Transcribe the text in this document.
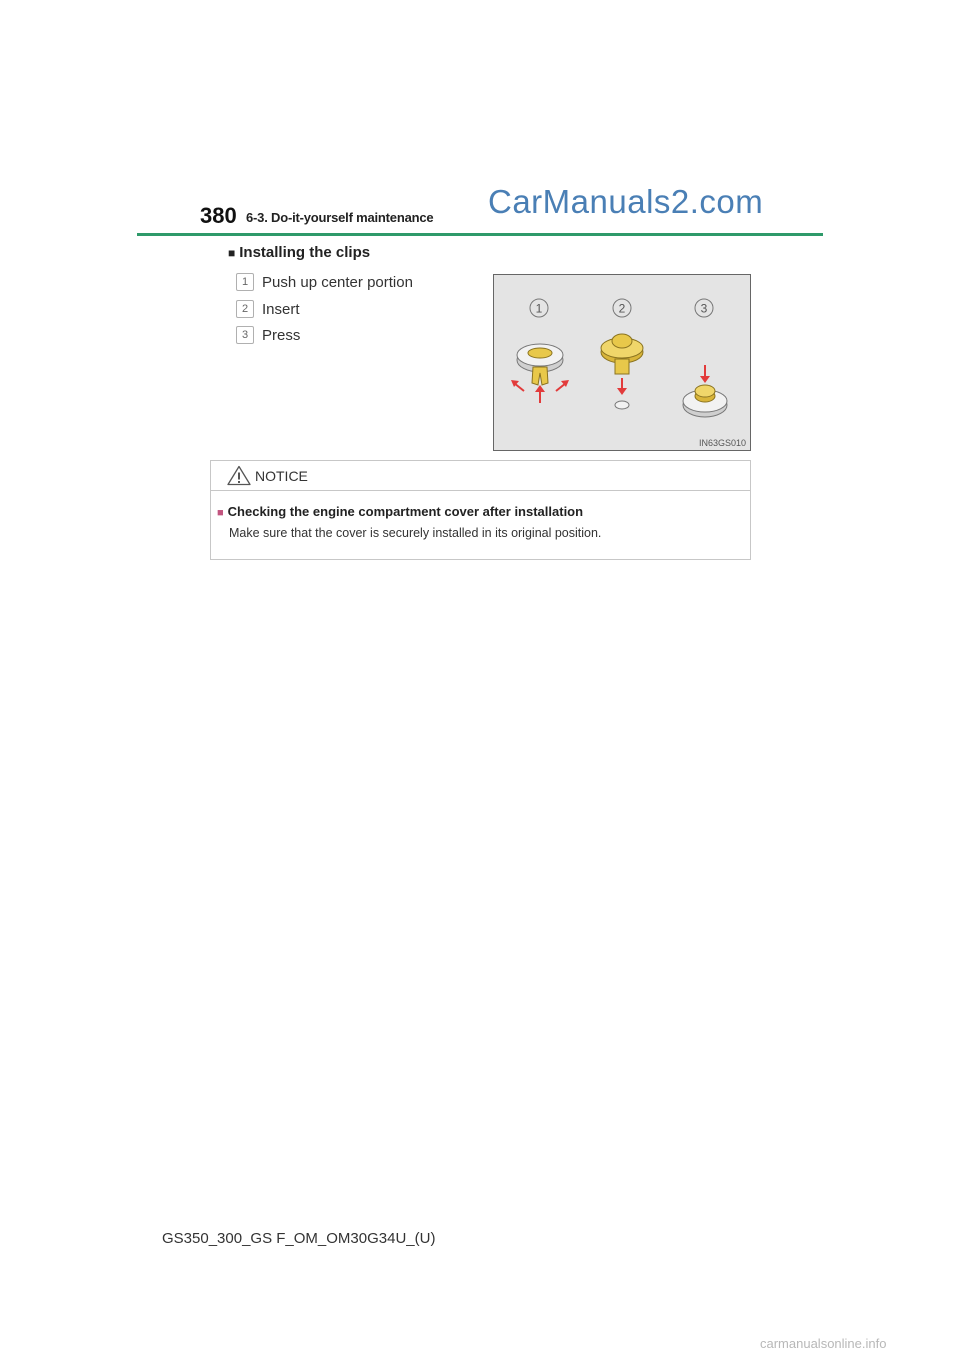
380 6-3. Do-it-yourself maintenance CarManuals2.com
■ Installing the clips
1 Push up center portion
2 Insert
3 Press
1	2	3
IN63GS010
NOTICE
■ Checking the engine compartment cover after installation
Make sure that the cover is securely installed in its original position.
GS350_300_GS F_OM_OM30G34U_(U)
carmanualsonline.info
